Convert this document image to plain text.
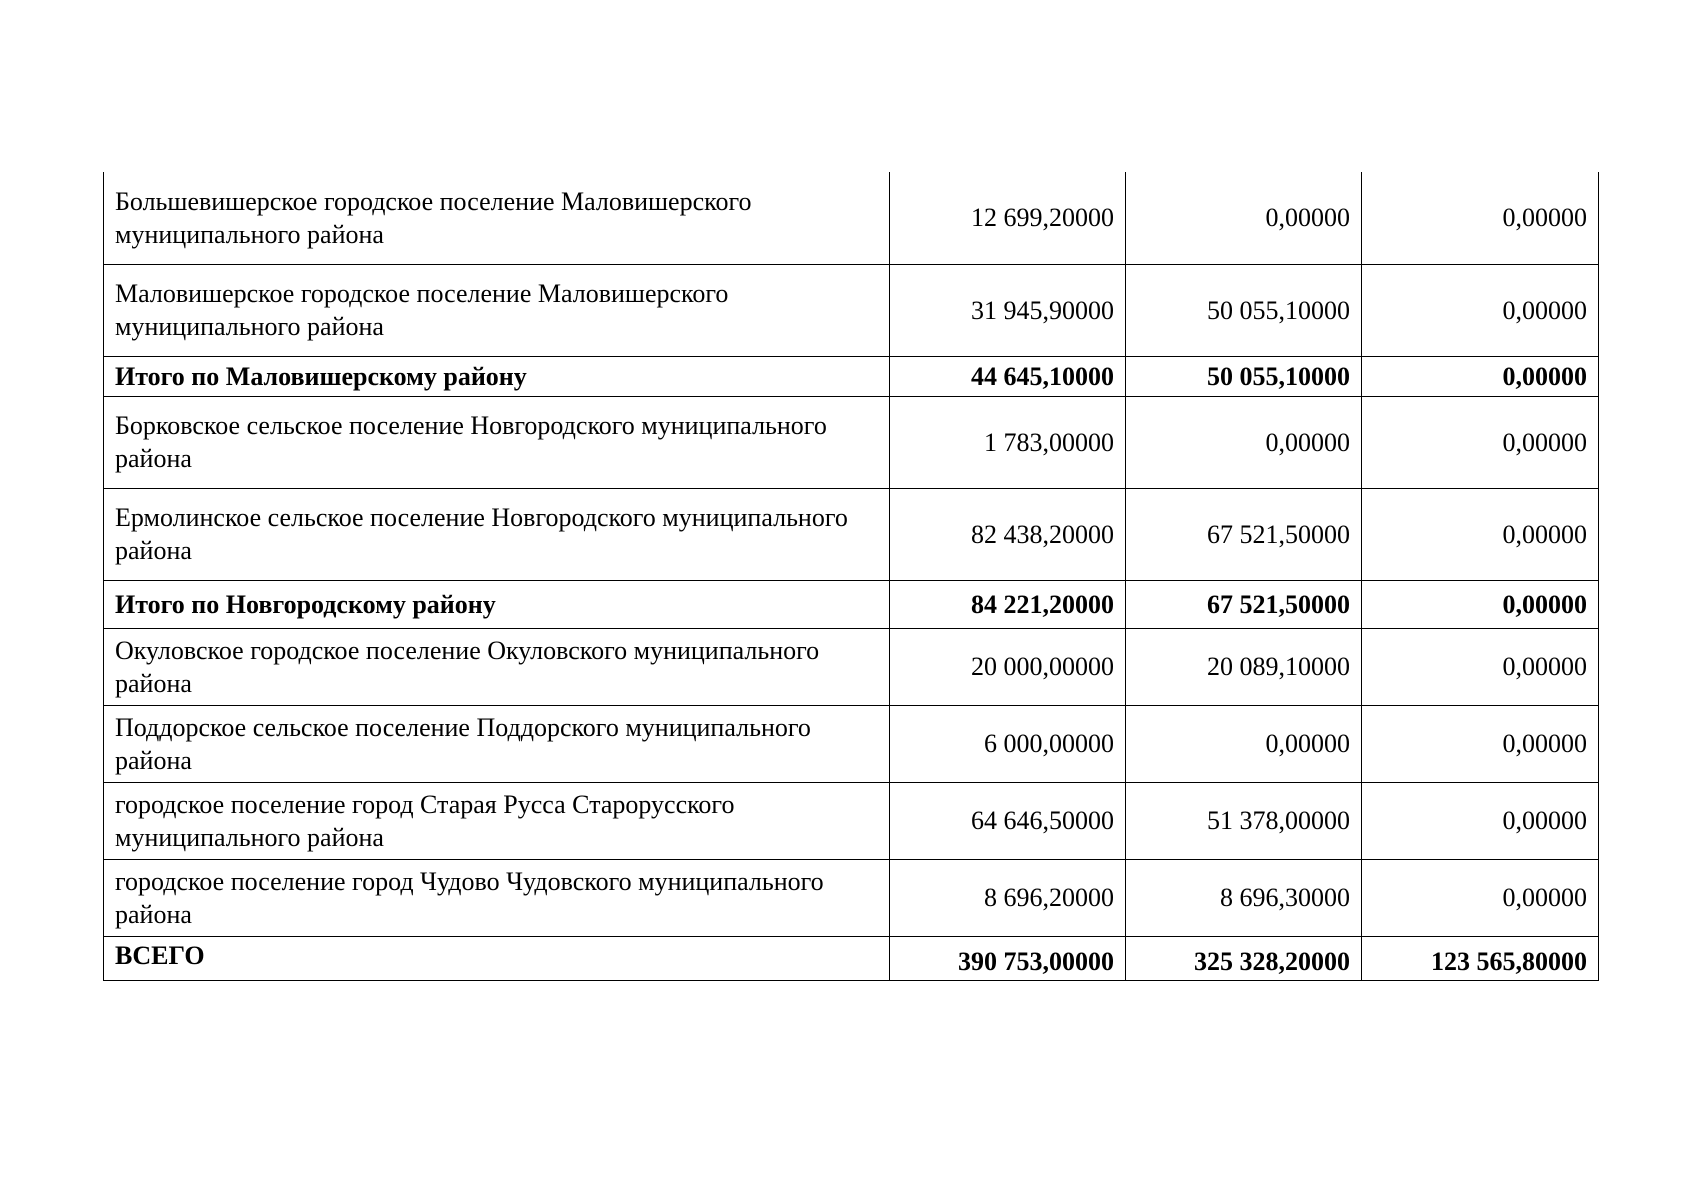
Большевишерское городское поселение Маловишерского муниципального района	12 699,20000	0,00000	0,00000
Маловишерское городское поселение Маловишерского муниципального района	31 945,90000	50 055,10000	0,00000
Итого по Маловишерскому району	44 645,10000	50 055,10000	0,00000
Борковское сельское поселение Новгородского муниципального района	1 783,00000	0,00000	0,00000
Ермолинское сельское поселение Новгородского муниципального района	82 438,20000	67 521,50000	0,00000
Итого по Новгородскому району	84 221,20000	67 521,50000	0,00000
Окуловское городское поселение Окуловского муниципального района	20 000,00000	20 089,10000	0,00000
Поддорское сельское поселение Поддорского муниципального района	6 000,00000	0,00000	0,00000
городское поселение город Старая Русса Старорусского муниципального района	64 646,50000	51 378,00000	0,00000
городское поселение город Чудово Чудовского муниципального района	8 696,20000	8 696,30000	0,00000
ВСЕГО	390 753,00000	325 328,20000	123 565,80000
